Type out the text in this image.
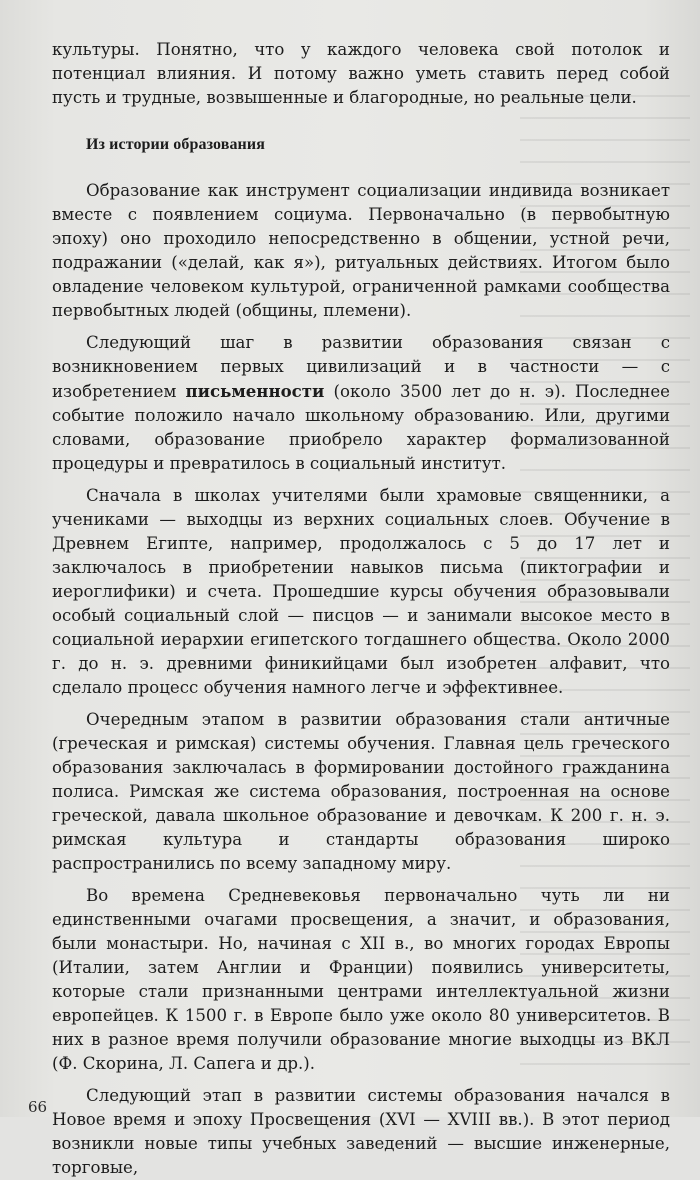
культуры. Понятно, что у каждого человека свой потолок и потенциал влияния. И потому важно уметь ставить перед собой пусть и трудные, возвышенные и благородные, но реальные цели.

Из истории образования

Образование как инструмент социализации индивида возникает вместе с появлением социума. Первоначально (в первобытную эпоху) оно проходило непосредственно в общении, устной речи, подражании («делай, как я»), ритуальных действиях. Итогом было овладение человеком культурой, ограниченной рамками сообщества первобытных людей (общины, племени).

Следующий шаг в развитии образования связан с возникновением первых цивилизаций и в частности — с изобретением письменности (около 3500 лет до н. э). Последнее событие положило начало школьному образованию. Или, другими словами, образование приобрело характер формализованной процедуры и превратилось в социальный институт.

Сначала в школах учителями были храмовые священники, а учениками — выходцы из верхних социальных слоев. Обучение в Древнем Египте, например, продолжалось с 5 до 17 лет и заключалось в приобретении навыков письма (пиктографии и иероглифики) и счета. Прошедшие курсы обучения образовывали особый социальный слой — писцов — и занимали высокое место в социальной иерархии египетского тогдашнего общества. Около 2000 г. до н. э. древними финикийцами был изобретен алфавит, что сделало процесс обучения намного легче и эффективнее.

Очередным этапом в развитии образования стали античные (греческая и римская) системы обучения. Главная цель греческого образования заключалась в формировании достойного гражданина полиса. Римская же система образования, построенная на основе греческой, давала школьное образование и девочкам. К 200 г. н. э. римская культура и стандарты образования широко распространились по всему западному миру.

Во времена Средневековья первоначально чуть ли ни единственными очагами просвещения, а значит, и образования, были монастыри. Но, начиная с XII в., во многих городах Европы (Италии, затем Англии и Франции) появились университеты, которые стали признанными центрами интеллектуальной жизни европейцев. К 1500 г. в Европе было уже около 80 университетов. В них в разное время получили образование многие выходцы из ВКЛ (Ф. Скорина, Л. Сапега и др.).

Следующий этап в развитии системы образования начался в Новое время и эпоху Просвещения (XVI — XVIII вв.). В этот период возникли новые типы учебных заведений — высшие инженерные, торговые,

66
